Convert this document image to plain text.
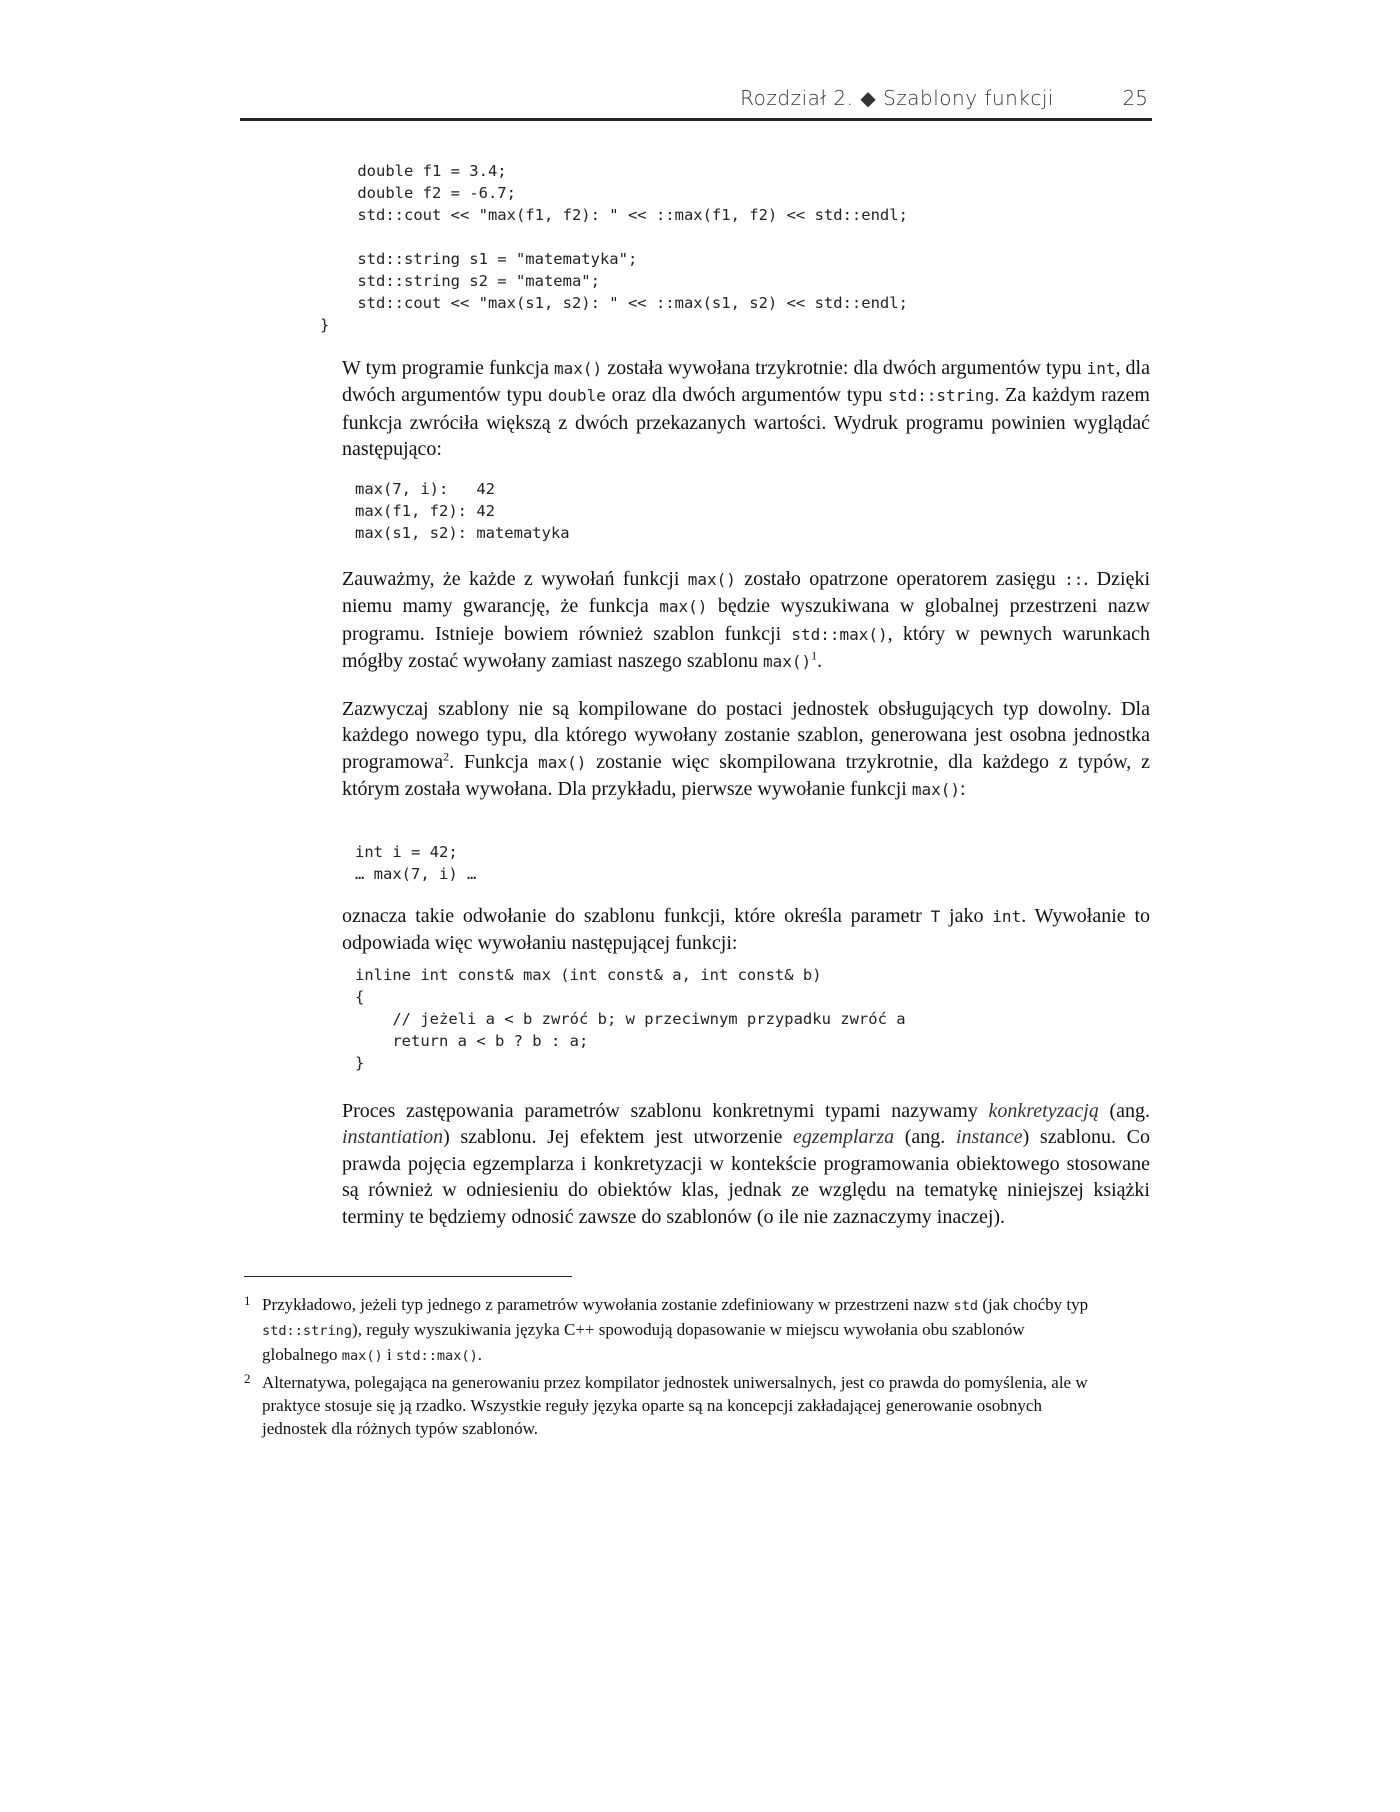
Rozdział 2. ◆ Szablony funkcji	25
double f1 = 3.4;
double f2 = -6.7;
std::cout << "max(f1, f2): " << ::max(f1, f2) << std::endl;

std::string s1 = "matematyka";
std::string s2 = "matema";
std::cout << "max(s1, s2): " << ::max(s1, s2) << std::endl;
}

W tym programie funkcja max() została wywołana trzykrotnie: dla dwóch argumentów typu int, dla dwóch argumentów typu double oraz dla dwóch argumentów typu std::string. Za każdym razem funkcja zwróciła większą z dwóch przekazanych wartości. Wydruk programu powinien wyglądać następująco:

max(7, i):   42
max(f1, f2): 42
max(s1, s2): matematyka

Zauważmy, że każde z wywołań funkcji max() zostało opatrzone operatorem zasięgu ::. Dzięki niemu mamy gwarancję, że funkcja max() będzie wyszukiwana w globalnej przestrzeni nazw programu. Istnieje bowiem również szablon funkcji std::max(), który w pewnych warunkach mógłby zostać wywołany zamiast naszego szablonu max()$^1$.

Zazwyczaj szablony nie są kompilowane do postaci jednostek obsługujących typ dowolny. Dla każdego nowego typu, dla którego wywołany zostanie szablon, generowana jest osobna jednostka programowa$^2$. Funkcja max() zostanie więc skompilowana trzykrotnie, dla każdego z typów, z którym została wywołana. Dla przykładu, pierwsze wywołanie funkcji max():

int i = 42;
… max(7, i) …

oznacza takie odwołanie do szablonu funkcji, które określa parametr T jako int. Wywołanie to odpowiada więc wywołaniu następującej funkcji:

inline int const& max (int const& a, int const& b)
{
// jeżeli a < b zwróć b; w przeciwnym przypadku zwróć a
return a < b ? b : a;
}

Proces zastępowania parametrów szablonu konkretnymi typami nazywamy konkretyzacją (ang. instantiation) szablonu. Jej efektem jest utworzenie egzemplarza (ang. instance) szablonu. Co prawda pojęcia egzemplarza i konkretyzacji w kontekście programowania obiektowego stosowane są również w odniesieniu do obiektów klas, jednak ze względu na tematykę niniejszej książki terminy te będziemy odnosić zawsze do szablonów (o ile nie zaznaczymy inaczej).

1 Przykładowo, jeżeli typ jednego z parametrów wywołania zostanie zdefiniowany w przestrzeni nazw std (jak choćby typ std::string), reguły wyszukiwania języka C++ spowodują dopasowanie w miejscu wywołania obu szablonów globalnego max() i std::max().
2 Alternatywa, polegająca na generowaniu przez kompilator jednostek uniwersalnych, jest co prawda do pomyślenia, ale w praktyce stosuje się ją rzadko. Wszystkie reguły języka oparte są na koncepcji zakładającej generowanie osobnych jednostek dla różnych typów szablonów.
